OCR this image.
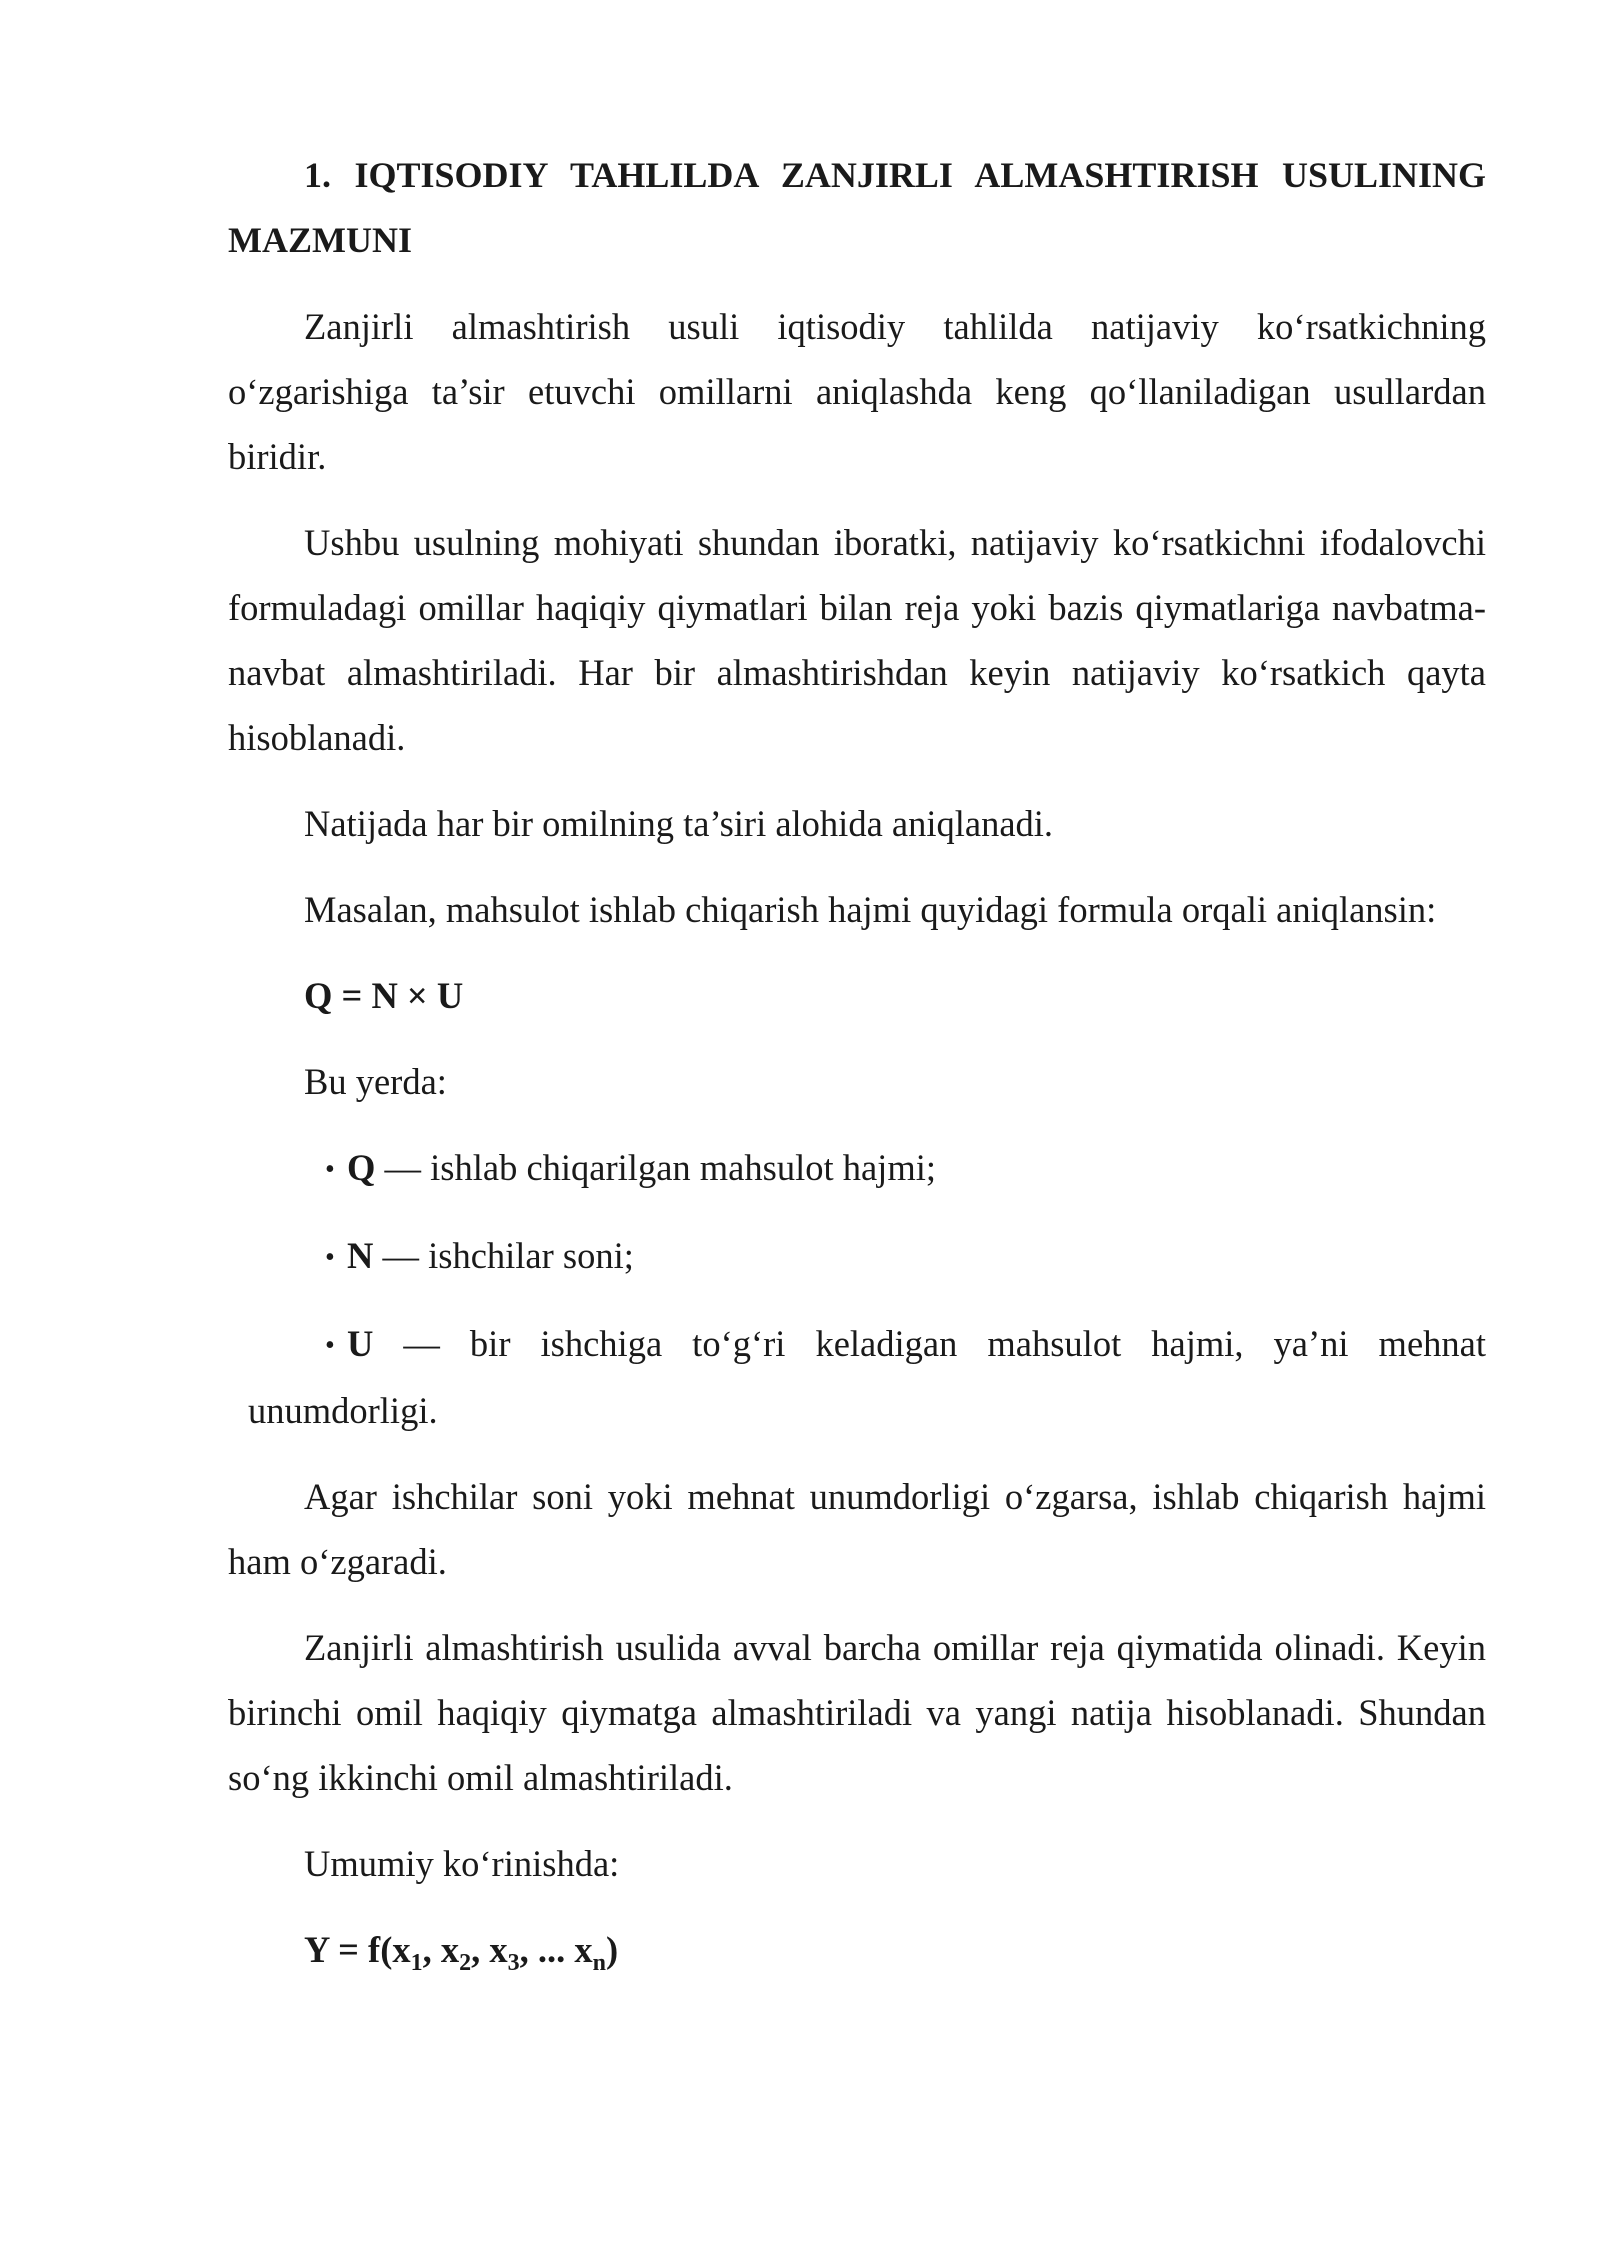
1. IQTISODIY TAHLILDA ZANJIRLI ALMASHTIRISH USULINING MAZMUNI

Zanjirli almashtirish usuli iqtisodiy tahlilda natijaviy ko‘rsatkichning o‘zgarishiga ta’sir etuvchi omillarni aniqlashda keng qo‘llaniladigan usullardan biridir.

Ushbu usulning mohiyati shundan iboratki, natijaviy ko‘rsatkichni ifodalovchi formuladagi omillar haqiqiy qiymatlari bilan reja yoki bazis qiymatlariga navbatma-navbat almashtiriladi. Har bir almashtirishdan keyin natijaviy ko‘rsatkich qayta hisoblanadi.

Natijada har bir omilning ta’siri alohida aniqlanadi.

Masalan, mahsulot ishlab chiqarish hajmi quyidagi formula orqali aniqlansin:

Q = N × U

Bu yerda:

• Q — ishlab chiqarilgan mahsulot hajmi;
• N — ishchilar soni;
• U — bir ishchiga to‘g‘ri keladigan mahsulot hajmi, ya’ni mehnat unumdorligi.

Agar ishchilar soni yoki mehnat unumdorligi o‘zgarsa, ishlab chiqarish hajmi ham o‘zgaradi.

Zanjirli almashtirish usulida avval barcha omillar reja qiymatida olinadi. Keyin birinchi omil haqiqiy qiymatga almashtiriladi va yangi natija hisoblanadi. Shundan so‘ng ikkinchi omil almashtiriladi.

Umumiy ko‘rinishda:

$Y = f(x_1$, $x_2$, $x_3$, ... $x_n$)
